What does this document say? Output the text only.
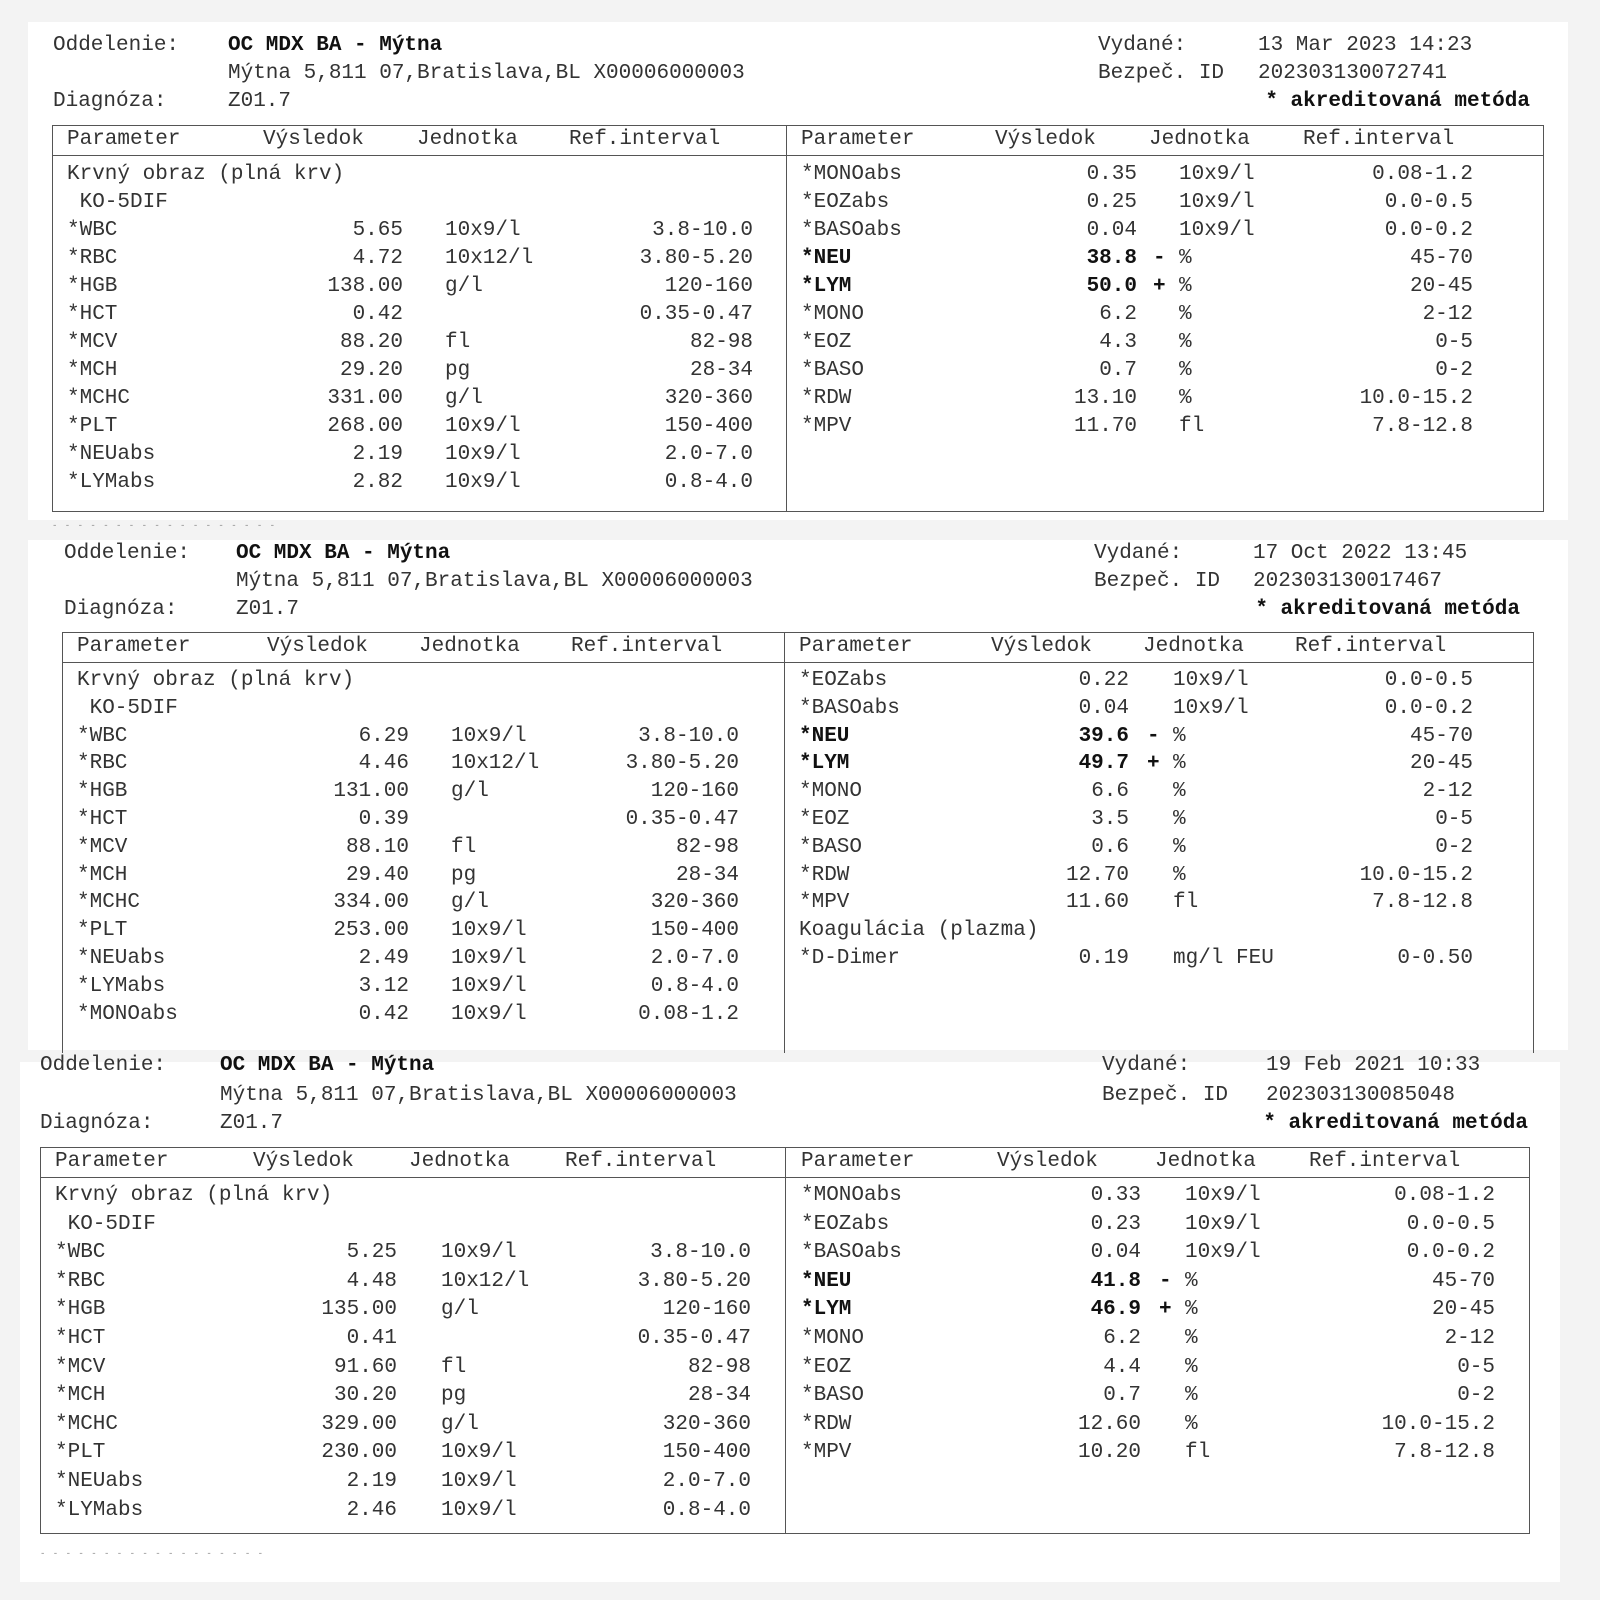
Oddelenie: OC MDX BA - Mýtna
Mýtna 5,811 07,Bratislava,BL X00006000003
Diagnóza:	Z01.7
Vydané:	13 Mar 2023 14:23
Bezpeč. ID 202303130072741
* akreditovaná metóda
Parameter	Výsledok	Jednotka Ref.interval	Parameter	Výsledok	Jednotka	Ref.interval
Krvný obraz (plná krv)
KO-5DIF
*WBC	5.65 10x9/l	3.8-10.0
*RBC	4.72 10x12/l	3.80-5.20
*HGB	138.00 g/l	120-160
*HCT	0.42	0.35-0.47
*MCV	88.20 fl	82-98
*MCH	29.20 pg	28-34
*MCHC	331.00 g/l	320-360
*PLT	268.00 10x9/l	150-400
*NEUabs	2.19 10x9/l	2.0-7.0
*LYMabs	2.82 10x9/l	0.8-4.0
*MONOabs	0.35 10x9/l	0.08-1.2
*EOZabs	0.25 10x9/l	0.0-0.5
*BASOabs	0.04 10x9/l	0.0-0.2
*NEU	38.8 - %	45-70
*LYM	50.0 + %	20-45
*MONO	6.2 %	2-12
*EOZ	4.3 %	0-5
*BASO	0.7 %	0-2
*RDW	13.10 %	10.0-15.2
*MPV	11.70 fl	7.8-12.8
- - - - - - - - - - - - - - - - - -
Oddelenie: OC MDX BA - Mýtna
Mýtna 5,811 07,Bratislava,BL X00006000003
Diagnóza:	Z01.7
Vydané:	17 Oct 2022 13:45
Bezpeč. ID 202303130017467
* akreditovaná metóda
Parameter	Výsledok Jednotka Ref.interval	Parameter	Výsledok Jednotka Ref.interval
Krvný obraz (plná krv)
KO-5DIF
*WBC	6.29 10x9/l	3.8-10.0
*RBC	4.46 10x12/l	3.80-5.20
*HGB	131.00 g/l	120-160
*HCT	0.39	0.35-0.47
*MCV	88.10 fl	82-98
*MCH	29.40 pg	28-34
*MCHC	334.00 g/l	320-360
*PLT	253.00 10x9/l	150-400
*NEUabs	2.49 10x9/l	2.0-7.0
*LYMabs	3.12 10x9/l	0.8-4.0
*MONOabs	0.42 10x9/l	0.08-1.2
*EOZabs	0.22 10x9/l	0.0-0.5
*BASOabs	0.04 10x9/l	0.0-0.2
*NEU	39.6 - %	45-70
*LYM	49.7 + %	20-45
*MONO	6.6 %	2-12
*EOZ	3.5 %	0-5
*BASO	0.6 %	0-2
*RDW	12.70 %	10.0-15.2
*MPV	11.60 fl	7.8-12.8
Koagulácia (plazma)
*D-Dimer	0.19 mg/l FEU	0-0.50
Oddelenie:	OC MDX BA - Mýtna
Mýtna 5,811 07,Bratislava,BL X00006000003
Diagnóza:	Z01.7
Vydané:	19 Feb 2021 10:33
Bezpeč. ID 202303130085048
* akreditovaná metóda
Parameter	Výsledok	Jednotka	Ref.interval	Parameter	Výsledok	Jednotka	Ref.interval
Krvný obraz (plná krv)
KO-5DIF
*WBC	5.25 10x9/l	3.8-10.0
*RBC	4.48 10x12/l	3.80-5.20
*HGB	135.00 g/l	120-160
*HCT	0.41	0.35-0.47
*MCV	91.60 fl	82-98
*MCH	30.20 pg	28-34
*MCHC	329.00 g/l	320-360
*PLT	230.00 10x9/l	150-400
*NEUabs	2.19 10x9/l	2.0-7.0
*LYMabs	2.46 10x9/l	0.8-4.0
*MONOabs	0.33 10x9/l	0.08-1.2
*EOZabs	0.23 10x9/l	0.0-0.5
*BASOabs	0.04 10x9/l	0.0-0.2
*NEU	41.8 - %	45-70
*LYM	46.9 + %	20-45
*MONO	6.2 %	2-12
*EOZ	4.4 %	0-5
*BASO	0.7 %	0-2
*RDW	12.60 %	10.0-15.2
*MPV	10.20 fl	7.8-12.8
- - - - - - - - - - - - - - - - - -
